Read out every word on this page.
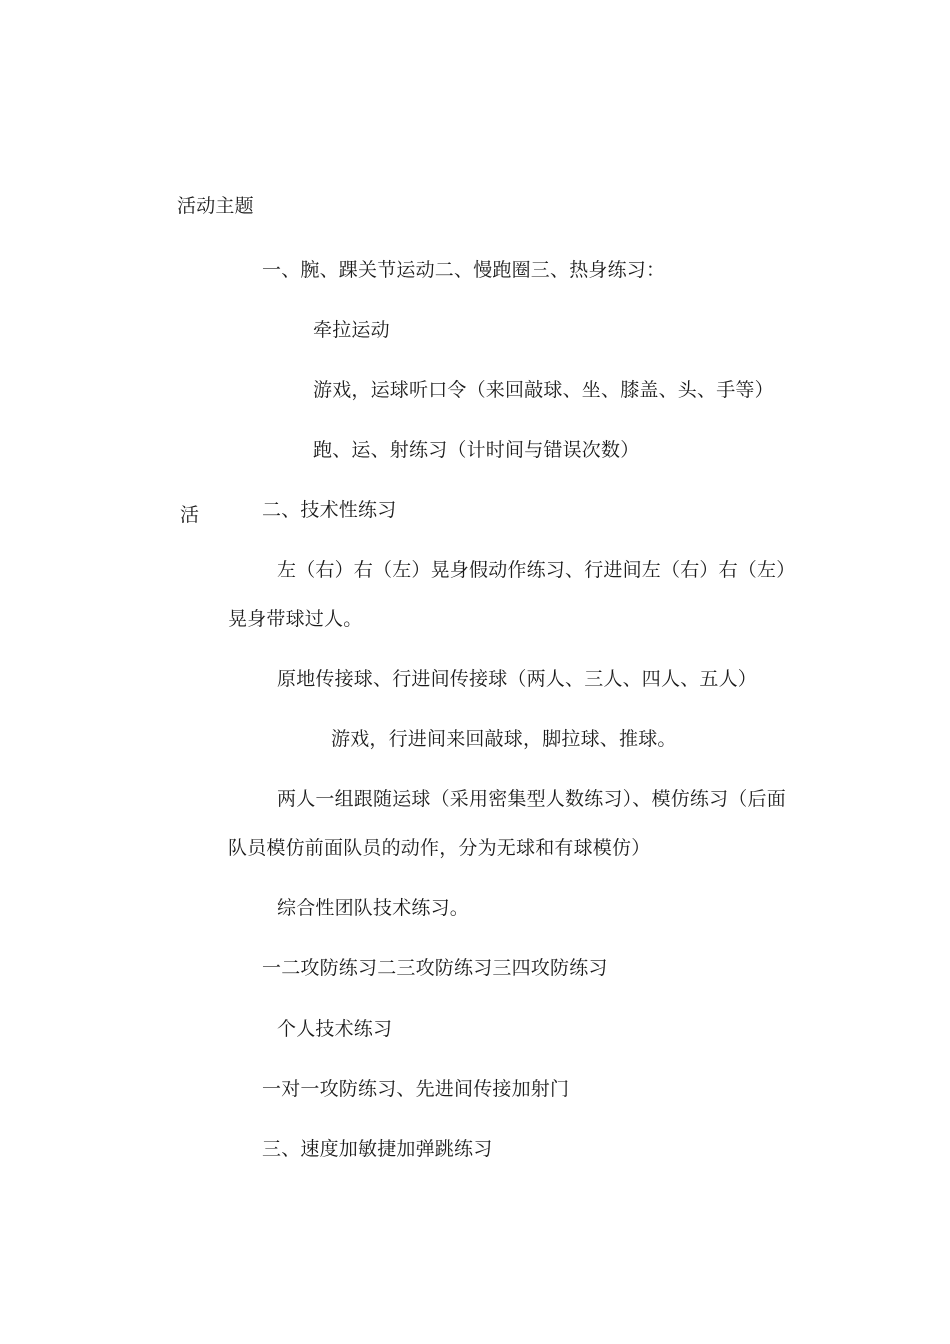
活动主题
一、腕、踝关节运动二、慢跑圈三、热身练习：
牵拉运动
游戏，运球听口令（来回敲球、坐、膝盖、头、手等）
跑、运、射练习（计时间与错误次数）
活	二、技术性练习
左（右）右（左）晃身假动作练习、行进间左（右）右（左）
晃身带球过人。
原地传接球、行进间传接球（两人、三人、四人、五人）
游戏，行进间来回敲球，脚拉球、推球。
两人一组跟随运球（采用密集型人数练习）、模仿练习（后面
队员模仿前面队员的动作，分为无球和有球模仿）
综合性团队技术练习。
一二攻防练习二三攻防练习三四攻防练习
个人技术练习
一对一攻防练习、先进间传接加射门
三、速度加敏捷加弹跳练习
